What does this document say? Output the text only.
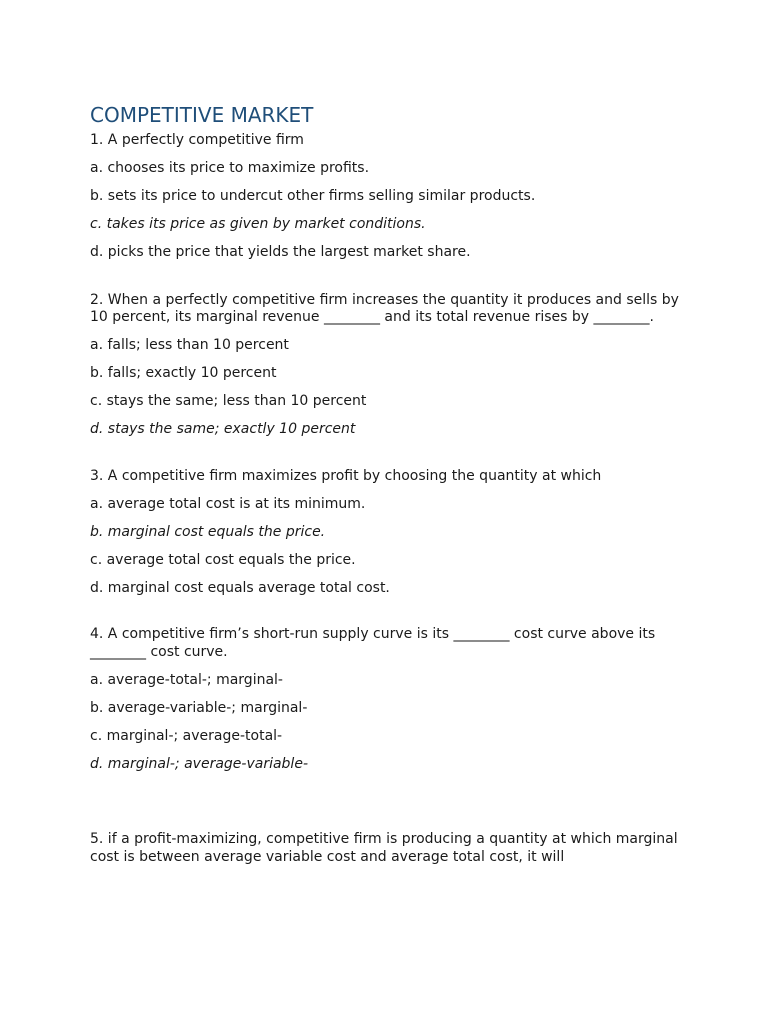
COMPETITIVE MARKET

1. A perfectly competitive firm

a. chooses its price to maximize profits.

b. sets its price to undercut other firms selling similar products.

c. takes its price as given by market conditions.

d. picks the price that yields the largest market share.

2. When a perfectly competitive firm increases the quantity it produces and sells by 10 percent, its marginal revenue ________ and its total revenue rises by ________.

a. falls; less than 10 percent

b. falls; exactly 10 percent

c. stays the same; less than 10 percent

d. stays the same; exactly 10 percent

3. A competitive firm maximizes profit by choosing the quantity at which

a. average total cost is at its minimum.

b. marginal cost equals the price.

c. average total cost equals the price.

d. marginal cost equals average total cost.

4. A competitive firm’s short-run supply curve is its ________ cost curve above its ________ cost curve.

a. average-total-; marginal-

b. average-variable-; marginal-

c. marginal-; average-total-

d. marginal-; average-variable-

5. if a profit-maximizing, competitive firm is producing a quantity at which marginal cost is between average variable cost and average total cost, it will
